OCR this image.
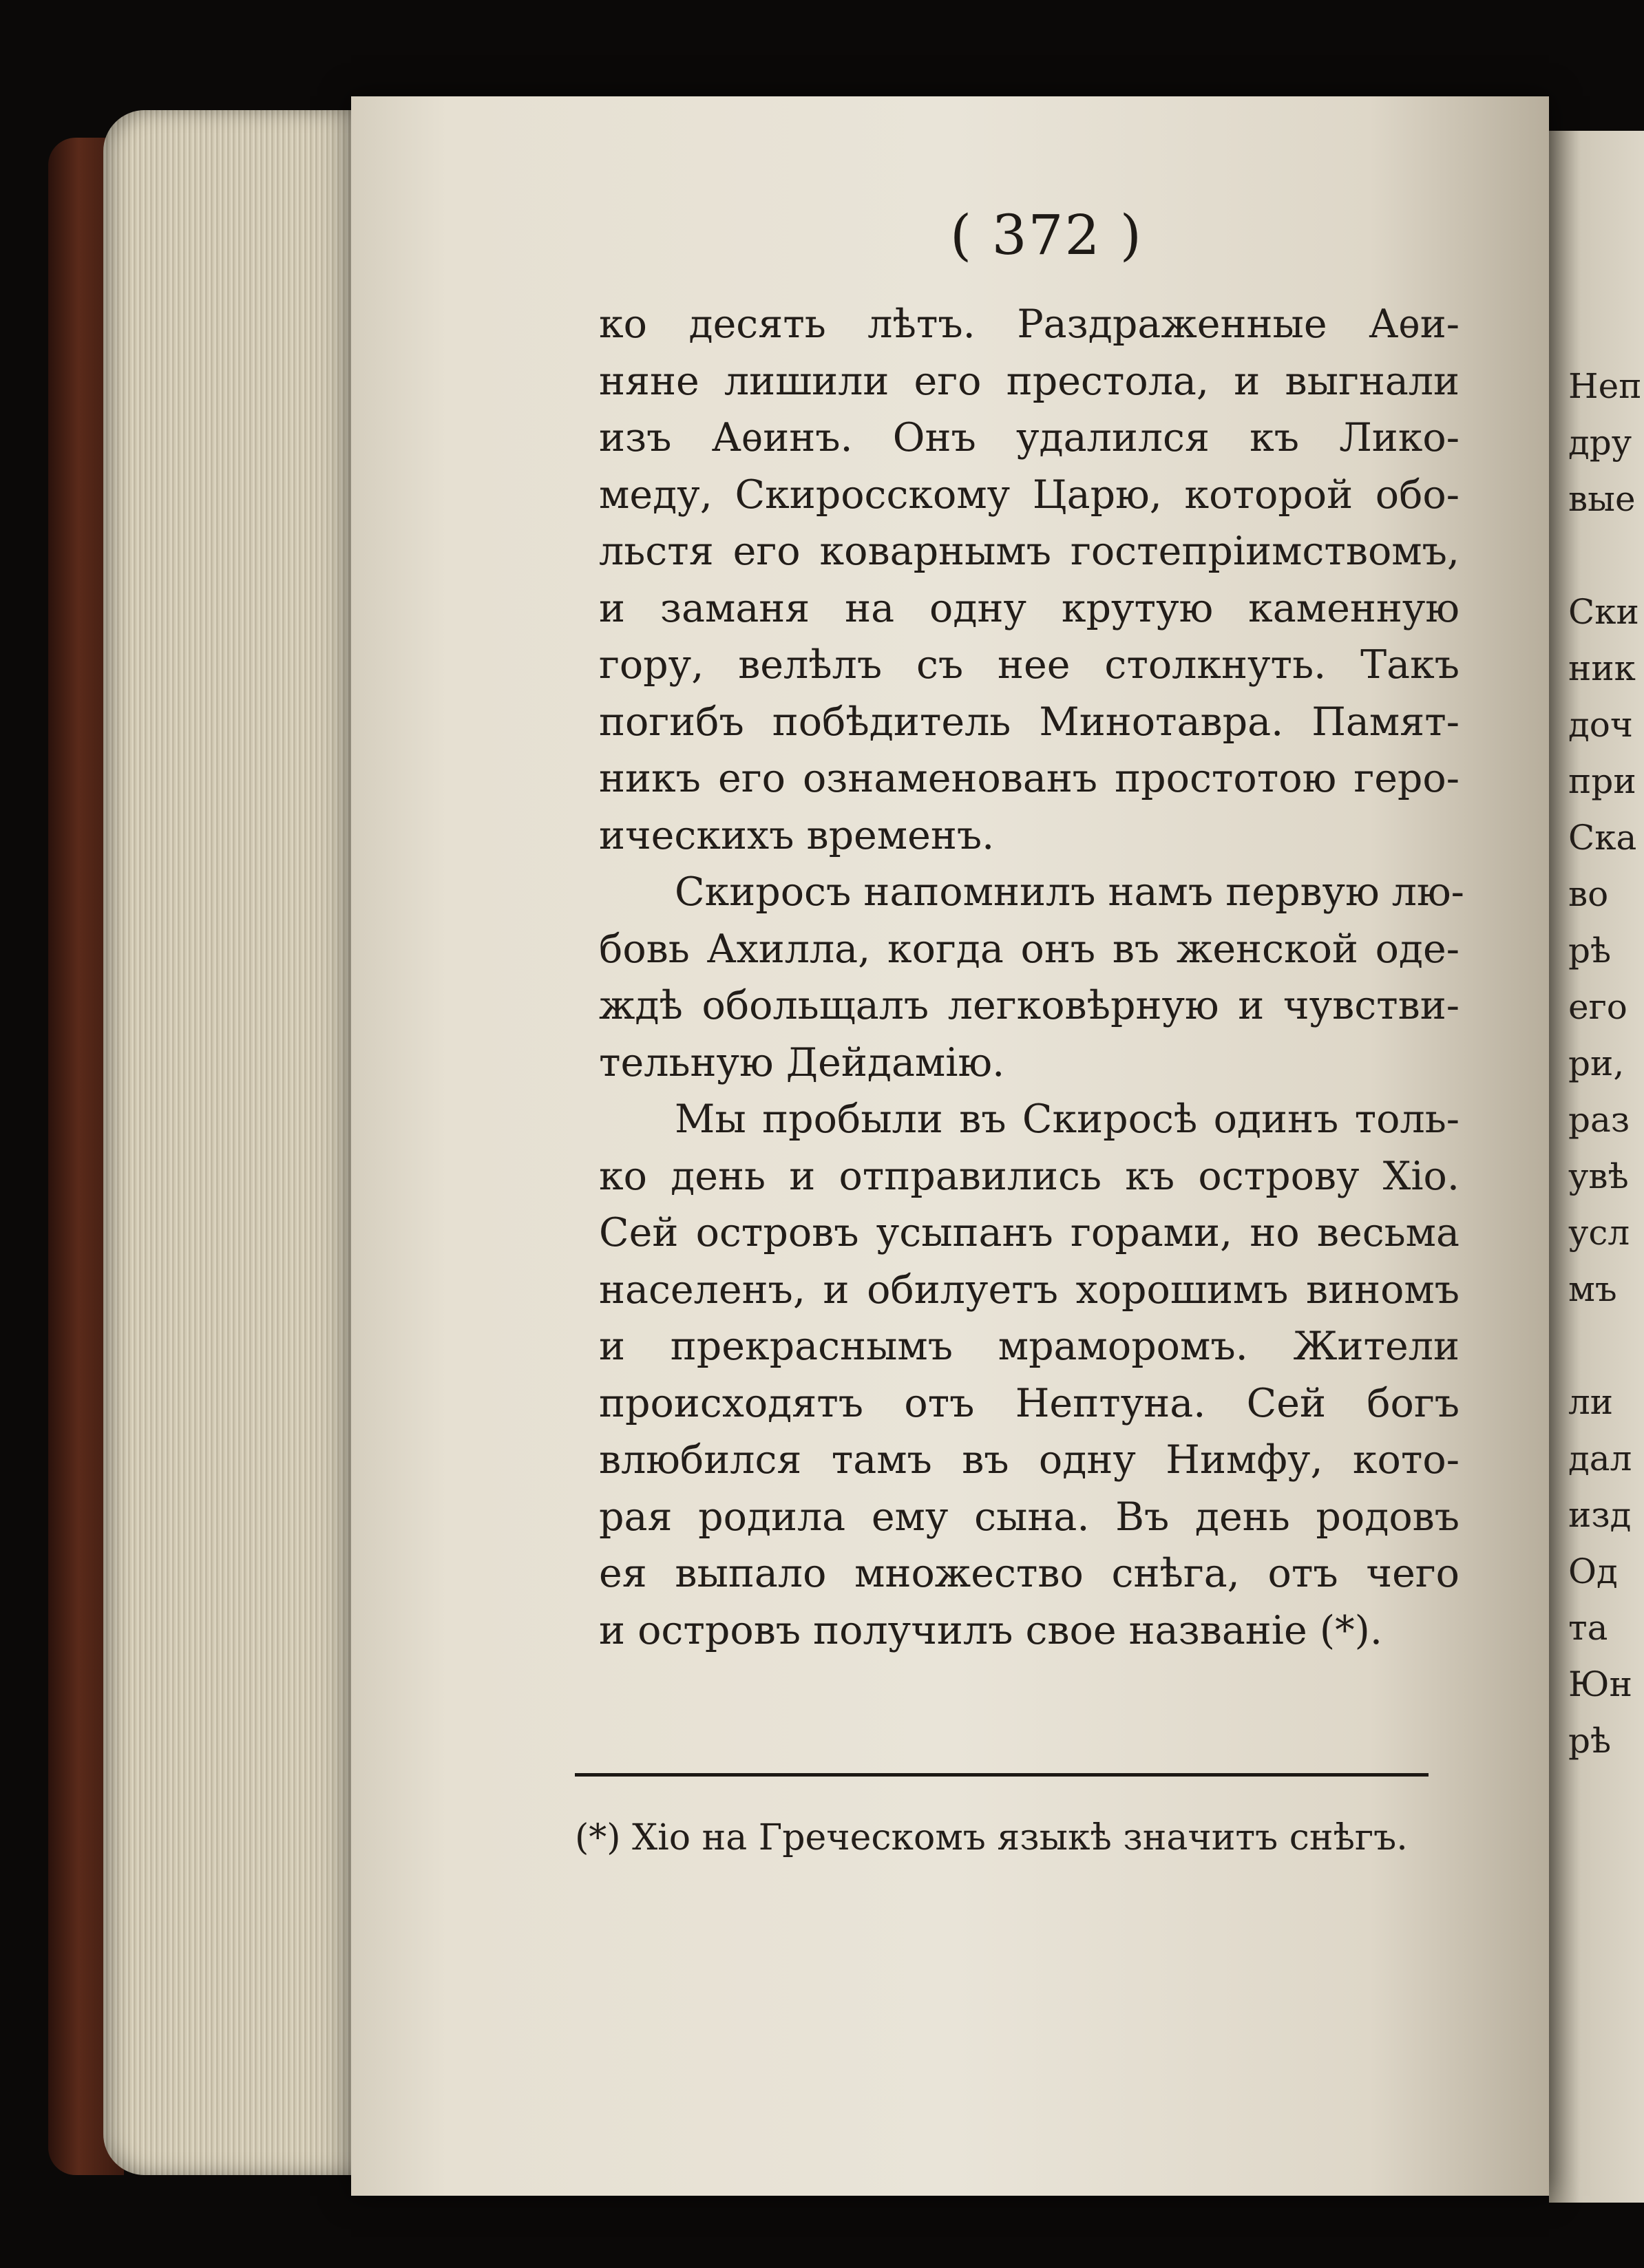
( 372 )
ко десять лѣтъ. Раздраженные Аѳи-
няне лишили его престола, и выгнали
изъ Аѳинъ. Онъ удалился къ Лико-
меду, Скиросскому Царю, которой обо-
льстя его коварнымъ гостепріимствомъ,
и заманя на одну крутую каменную
гору, велѣлъ съ нее столкнуть. Такъ
погибъ побѣдитель Минотавра. Памят-
никъ его ознаменованъ простотою геро-
ическихъ временъ.
Скиросъ напомнилъ намъ первую лю-
бовь Ахилла, когда онъ въ женской оде-
ждѣ обольщалъ легковѣрную и чувстви-
тельную Дейдамію.
Мы пробыли въ Скиросѣ одинъ толь-
ко день и отправились къ острову Хіо.
Сей островъ усыпанъ горами, но весьма
населенъ, и обилуетъ хорошимъ виномъ
и прекраснымъ мраморомъ. Жители
происходятъ отъ Нептуна. Сей богъ
влюбился тамъ въ одну Нимфу, кото-
рая родила ему сына. Въ день родовъ
ея выпало множество снѣга, отъ чего
и островъ получилъ свое названіе (*).
(*) Хіо на Греческомъ языкѣ значитъ снѣгъ.
Неп
дру
вые
Ски
ник
доч
при
Ска
во
рѣ
его
ри,
раз
увѣ
усл
мъ
ли
дал
изд
Од
та
Юн
рѣ
